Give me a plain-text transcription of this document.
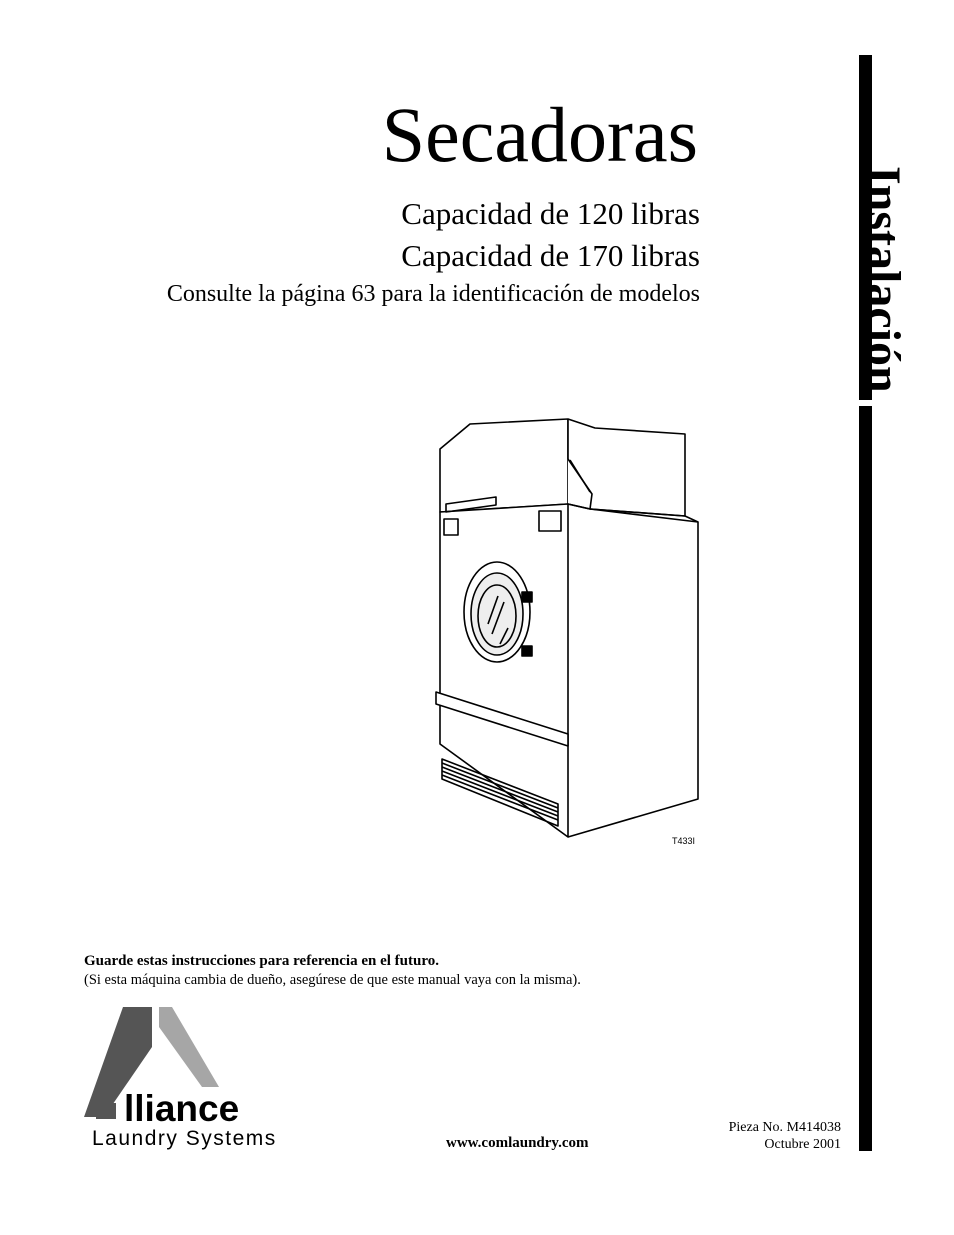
Secadoras
Capacidad de 120 libras
Capacidad de 170 libras
Consulte la página 63 para la identificación de modelos	Instalación
T433I
Guarde estas instrucciones para referencia en el futuro.
(Si esta máquina cambia de dueño, asegúrese de que este manual vaya con la misma).
lliance
Laundry Systems	www.comlaundry.com
Pieza No. M414038
Octubre 2001
